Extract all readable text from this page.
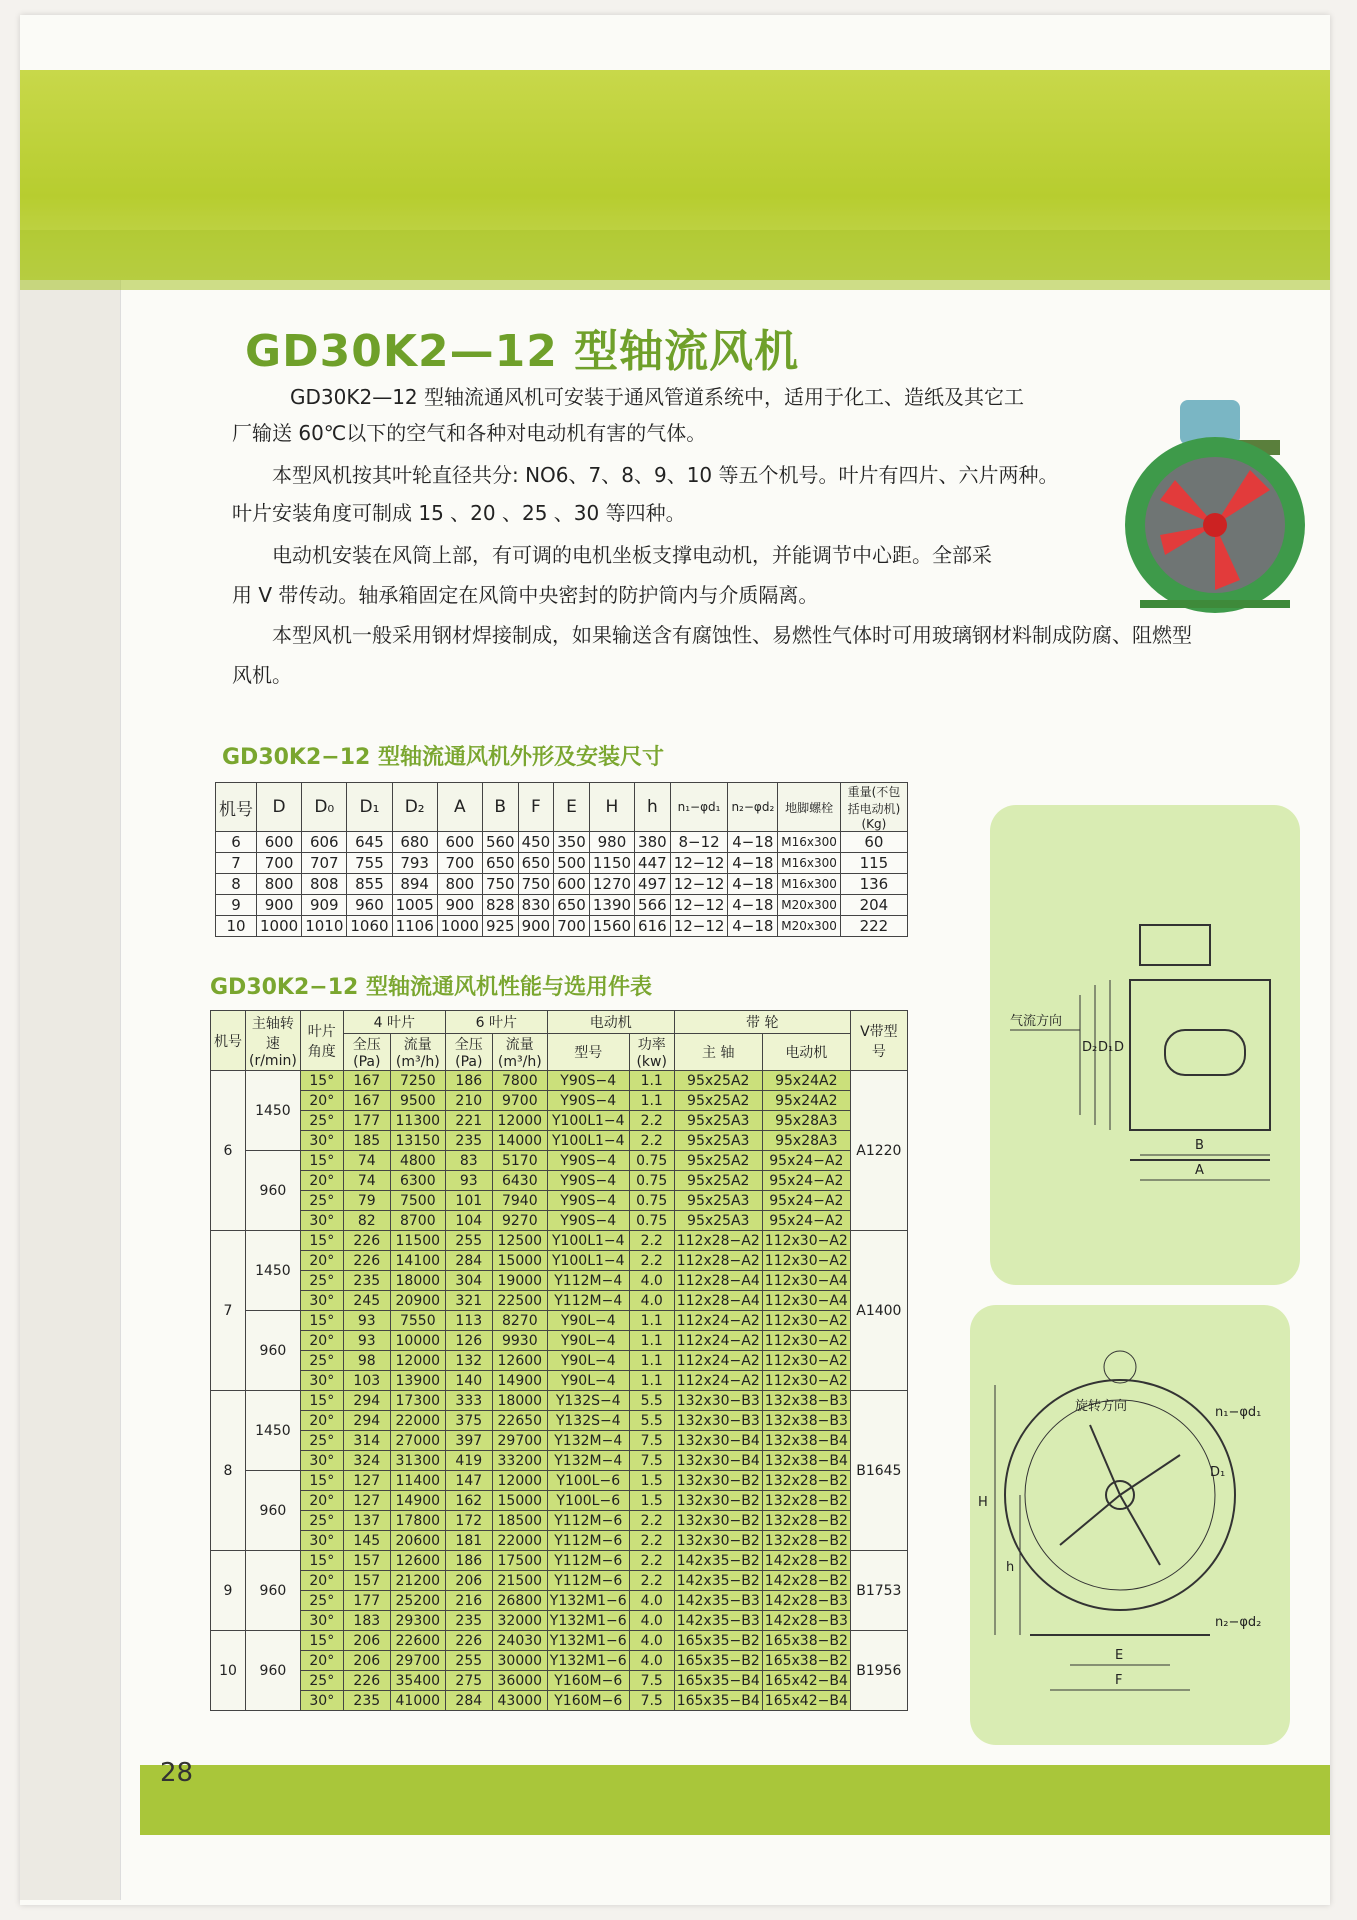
28
GD30K2—12 型轴流风机
GD30K2—12 型轴流通风机可安装于通风管道系统中，适用于化工、造纸及其它工
厂输送 60℃以下的空气和各种对电动机有害的气体。
本型风机按其叶轮直径共分: NO6、7、8、9、10 等五个机号。叶片有四片、六片两种。
叶片安装角度可制成 15 、20 、25 、30 等四种。
电动机安装在风筒上部，有可调的电机坐板支撑电动机，并能调节中心距。全部采
用 V 带传动。轴承箱固定在风筒中央密封的防护筒内与介质隔离。
本型风机一般采用钢材焊接制成，如果输送含有腐蚀性、易燃性气体时可用玻璃钢材料制成防腐、阻燃型
风机。
GD30K2−12 型轴流通风机外形及安装尺寸
机号	D	D₀	D₁	D₂	A	B	F	E	H	h	n₁−φd₁	n₂−φd₂	地脚螺栓	重量(不包括电动机)(Kg)
6	600	606	645	680	600	560	450	350	980	380	8−12	4−18	M16x300	60
7	700	707	755	793	700	650	650	500	1150	447	12−12	4−18	M16x300	115
8	800	808	855	894	800	750	750	600	1270	497	12−12	4−18	M16x300	136
9	900	909	960	1005	900	828	830	650	1390	566	12−12	4−18	M20x300	204
10	1000	1010	1060	1106	1000	925	900	700	1560	616	12−12	4−18	M20x300	222
GD30K2−12 型轴流通风机性能与选用件表
机号	主轴转速(r/min)	叶片角度	4 叶片		6 叶片		电动机		带 轮		V带型号
			全压(Pa)	流量(m³/h)	全压(Pa)	流量(m³/h)	型号	功率(kw)	主 轴	电动机	
6	1450	15°	167	7250	186	7800	Y90S−4	1.1	95x25A2	95x24A2	A1220
		20°	167	9500	210	9700	Y90S−4	1.1	95x25A2	95x24A2	
		25°	177	11300	221	12000	Y100L1−4	2.2	95x25A3	95x28A3	
		30°	185	13150	235	14000	Y100L1−4	2.2	95x25A3	95x28A3	
	960	15°	74	4800	83	5170	Y90S−4	0.75	95x25A2	95x24−A2	
		20°	74	6300	93	6430	Y90S−4	0.75	95x25A2	95x24−A2	
		25°	79	7500	101	7940	Y90S−4	0.75	95x25A3	95x24−A2	
		30°	82	8700	104	9270	Y90S−4	0.75	95x25A3	95x24−A2	
7	1450	15°	226	11500	255	12500	Y100L1−4	2.2	112x28−A2	112x30−A2	A1400
		20°	226	14100	284	15000	Y100L1−4	2.2	112x28−A2	112x30−A2	
		25°	235	18000	304	19000	Y112M−4	4.0	112x28−A4	112x30−A4	
		30°	245	20900	321	22500	Y112M−4	4.0	112x28−A4	112x30−A4	
	960	15°	93	7550	113	8270	Y90L−4	1.1	112x24−A2	112x30−A2	
		20°	93	10000	126	9930	Y90L−4	1.1	112x24−A2	112x30−A2	
		25°	98	12000	132	12600	Y90L−4	1.1	112x24−A2	112x30−A2	
		30°	103	13900	140	14900	Y90L−4	1.1	112x24−A2	112x30−A2	
8	1450	15°	294	17300	333	18000	Y132S−4	5.5	132x30−B3	132x38−B3	B1645
		20°	294	22000	375	22650	Y132S−4	5.5	132x30−B3	132x38−B3	
		25°	314	27000	397	29700	Y132M−4	7.5	132x30−B4	132x38−B4	
		30°	324	31300	419	33200	Y132M−4	7.5	132x30−B4	132x38−B4	
	960	15°	127	11400	147	12000	Y100L−6	1.5	132x30−B2	132x28−B2	
		20°	127	14900	162	15000	Y100L−6	1.5	132x30−B2	132x28−B2	
		25°	137	17800	172	18500	Y112M−6	2.2	132x30−B2	132x28−B2	
		30°	145	20600	181	22000	Y112M−6	2.2	132x30−B2	132x28−B2	
9	960	15°	157	12600	186	17500	Y112M−6	2.2	142x35−B2	142x28−B2	B1753
		20°	157	21200	206	21500	Y112M−6	2.2	142x35−B2	142x28−B2	
		25°	177	25200	216	26800	Y132M1−6	4.0	142x35−B3	142x28−B3	
		30°	183	29300	235	32000	Y132M1−6	4.0	142x35−B3	142x28−B3	
10	960	15°	206	22600	226	24030	Y132M1−6	4.0	165x35−B2	165x38−B2	B1956
		20°	206	29700	255	30000	Y132M1−6	4.0	165x35−B2	165x38−B2	
		25°	226	35400	275	36000	Y160M−6	7.5	165x35−B4	165x42−B4	
		30°	235	41000	284	43000	Y160M−6	7.5	165x35−B4	165x42−B4	
气流方向
D₂ D₁ D
B
A
旋转方向
H
h
D₁
n₁−φd₁
E
F
n₂−φd₂
